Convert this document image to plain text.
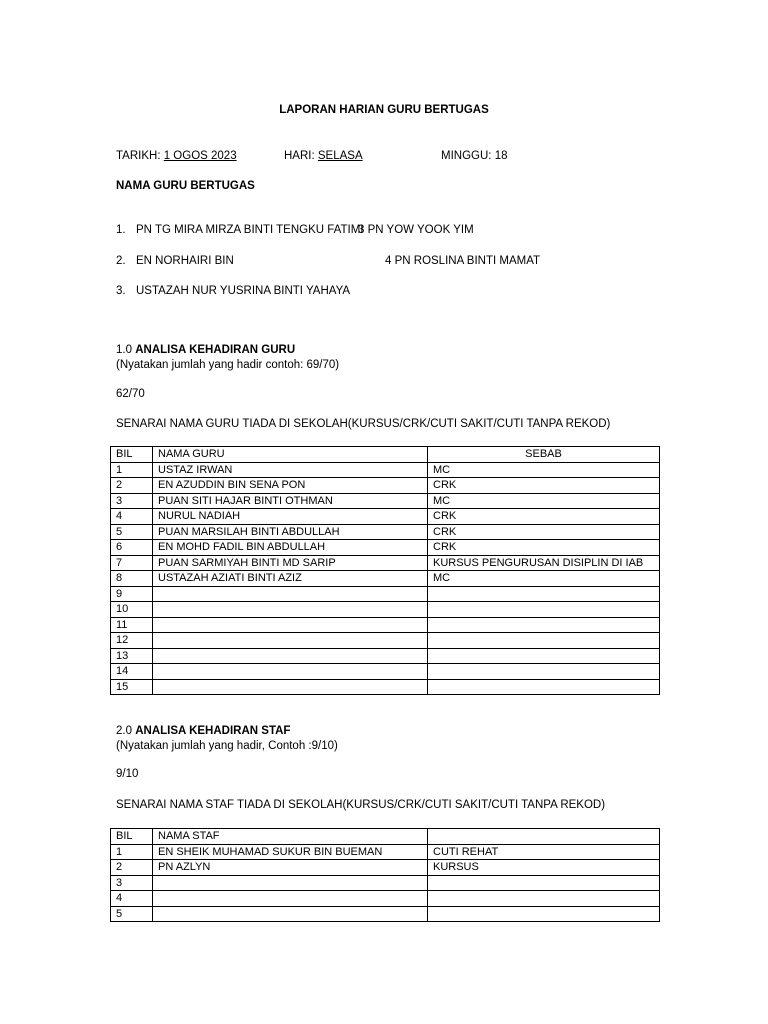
LAPORAN HARIAN GURU BERTUGAS
TARIKH: 1 OGOS 2023	HARI: SELASA	MINGGU: 18
NAMA GURU BERTUGAS
1. PN TG MIRA MIRZA BINTI TENGKU FATIMI
3 PN YOW YOOK YIM
2. EN NORHAIRI BIN	4 PN ROSLINA BINTI MAMAT
3. USTAZAH NUR YUSRINA BINTI YAHAYA
1.0 ANALISA KEHADIRAN GURU
(Nyatakan jumlah yang hadir contoh: 69/70)
62/70
SENARAI NAMA GURU TIADA DI SEKOLAH(KURSUS/CRK/CUTI SAKIT/CUTI TANPA REKOD)
BIL	NAMA GURU	SEBAB
1	USTAZ IRWAN	MC
2	EN AZUDDIN BIN SENA PON	CRK
3	PUAN SITI HAJAR BINTI OTHMAN	MC
4	NURUL NADIAH	CRK
5	PUAN MARSILAH BINTI ABDULLAH	CRK
6	EN MOHD FADIL BIN ABDULLAH	CRK
7	PUAN SARMIYAH BINTI MD SARIP	KURSUS PENGURUSAN DISIPLIN DI IAB
8	USTAZAH AZIATI BINTI AZIZ	MC
9		
10		
11		
12		
13		
14		
15		
2.0 ANALISA KEHADIRAN STAF
(Nyatakan jumlah yang hadir, Contoh :9/10)
9/10
SENARAI NAMA STAF TIADA DI SEKOLAH(KURSUS/CRK/CUTI SAKIT/CUTI TANPA REKOD)
BIL	NAMA STAF	
1	EN SHEIK MUHAMAD SUKUR BIN BUEMAN	CUTI REHAT
2	PN AZLYN	KURSUS
3		
4		
5		
